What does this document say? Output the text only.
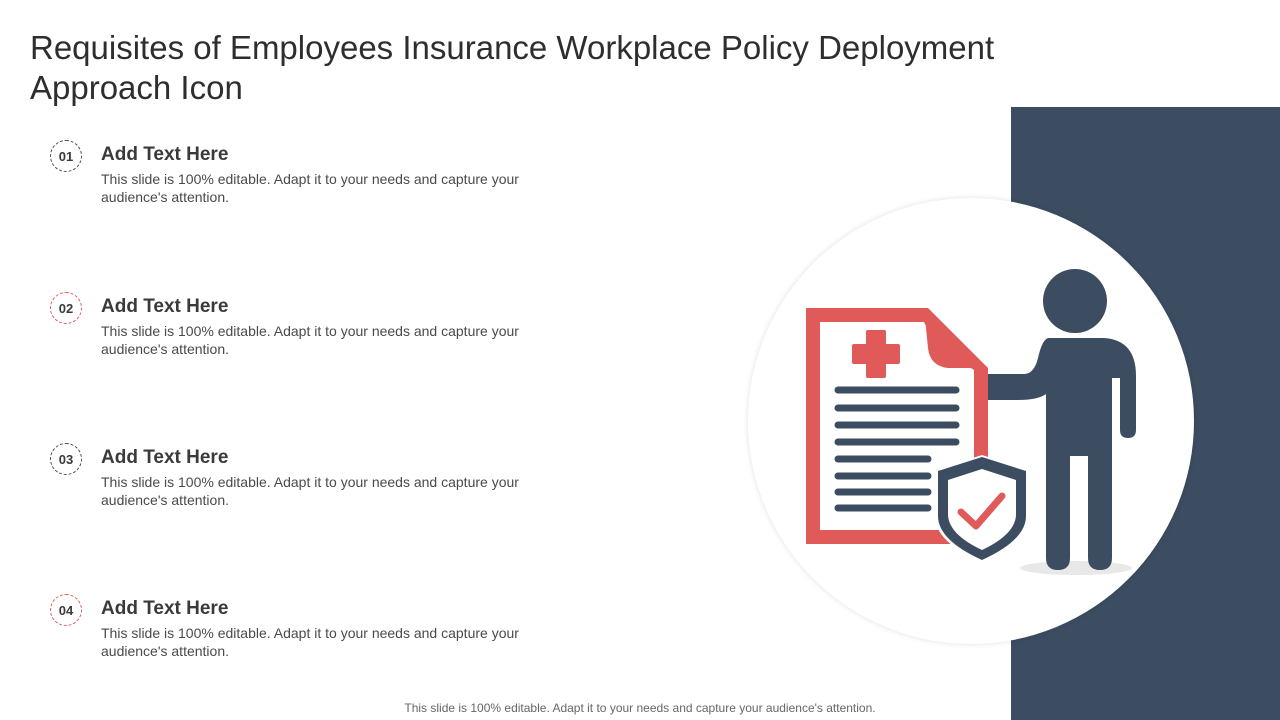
Requisites of Employees Insurance Workplace Policy Deployment Approach Icon
01	Add Text Here
This slide is 100% editable. Adapt it to your needs and capture your audience's attention.
02	Add Text Here
This slide is 100% editable. Adapt it to your needs and capture your audience's attention.
03	Add Text Here
This slide is 100% editable. Adapt it to your needs and capture your audience's attention.
04	Add Text Here
This slide is 100% editable. Adapt it to your needs and capture your audience's attention.
This slide is 100% editable. Adapt it to your needs and capture your audience's attention.
